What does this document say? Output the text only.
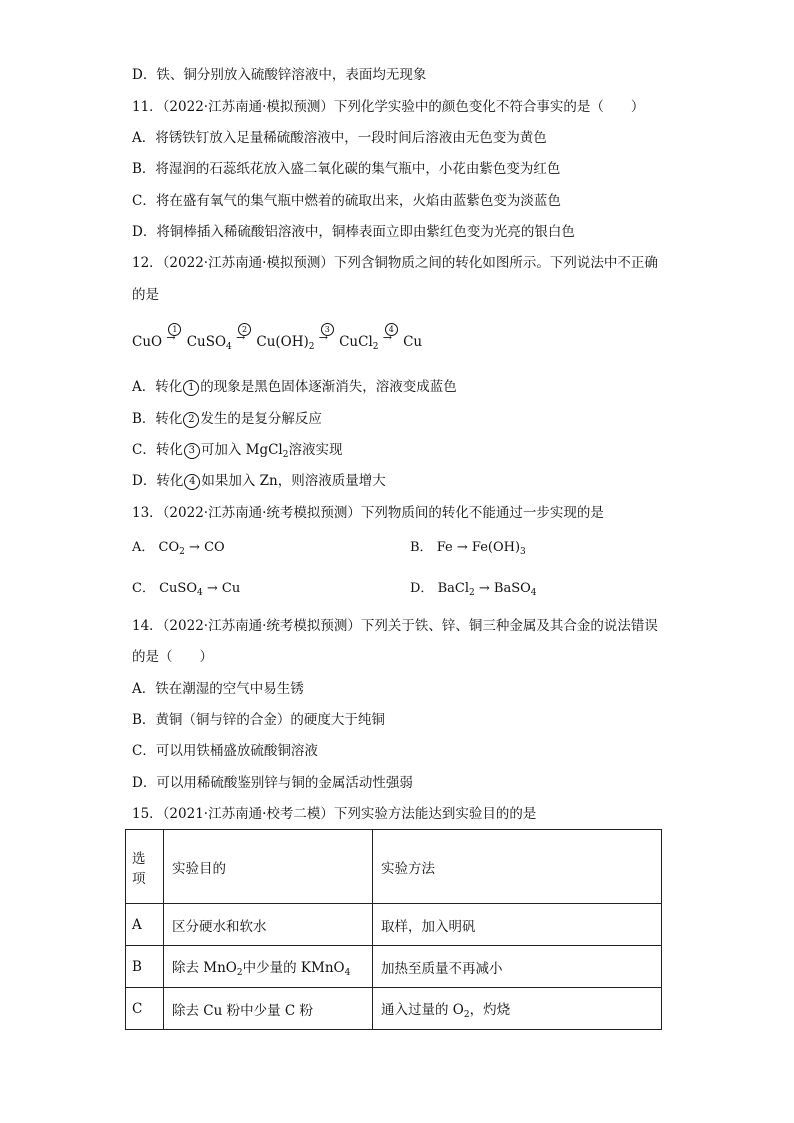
D．铁、铜分别放入硫酸锌溶液中，表面均无现象
11．（2022·江苏南通·模拟预测）下列化学实验中的颜色变化不符合事实的是（　　）
A．将锈铁钉放入足量稀硫酸溶液中，一段时间后溶液由无色变为黄色
B．将湿润的石蕊纸花放入盛二氧化碳的集气瓶中，小花由紫色变为红色
C．将在盛有氧气的集气瓶中燃着的硫取出来，火焰由蓝紫色变为淡蓝色
D．将铜棒插入稀硫酸铝溶液中，铜棒表面立即由紫红色变为光亮的银白色
12．（2022·江苏南通·模拟预测）下列含铜物质之间的转化如图所示。下列说法中不正确
的是
CuO
1
→ CuSO$_4$
2
→ $Cu(OH)_2$
3
→ CuCl$_2$
4
→ Cu
A．转化 1 的现象是黑色固体逐渐消失，溶液变成蓝色
B．转化 2 发生的是复分解反应
C．转化 3 可加入 MgCl$_2$溶液实现
D．转化 4 如果加入 Zn，则溶液质量增大
13．（2022·江苏南通·统考模拟预测）下列物质间的转化不能通过一步实现的是
A． $CO_2$ → CO	B． $Fe \to Fe(OH)_3$
C． CuSO$_4$ → Cu	D． BaCl$_2$ → BaSO$_4$
14．（2022·江苏南通·统考模拟预测）下列关于铁、锌、铜三种金属及其合金的说法错误
的是（　　）
A．铁在潮湿的空气中易生锈
B．黄铜（铜与锌的合金）的硬度大于纯铜
C．可以用铁桶盛放硫酸铜溶液
D．可以用稀硫酸鉴别锌与铜的金属活动性强弱
15．（2021·江苏南通·校考二模）下列实验方法能达到实验目的的是
选
项	实验目的	实验方法
A	区分硬水和软水	取样，加入明矾
B	除去 MnO$_2$中少量的 KMnO$_4$	加热至质量不再减小
C	除去 Cu 粉中少量 C 粉	通入过量的 $O_2$，灼烧
